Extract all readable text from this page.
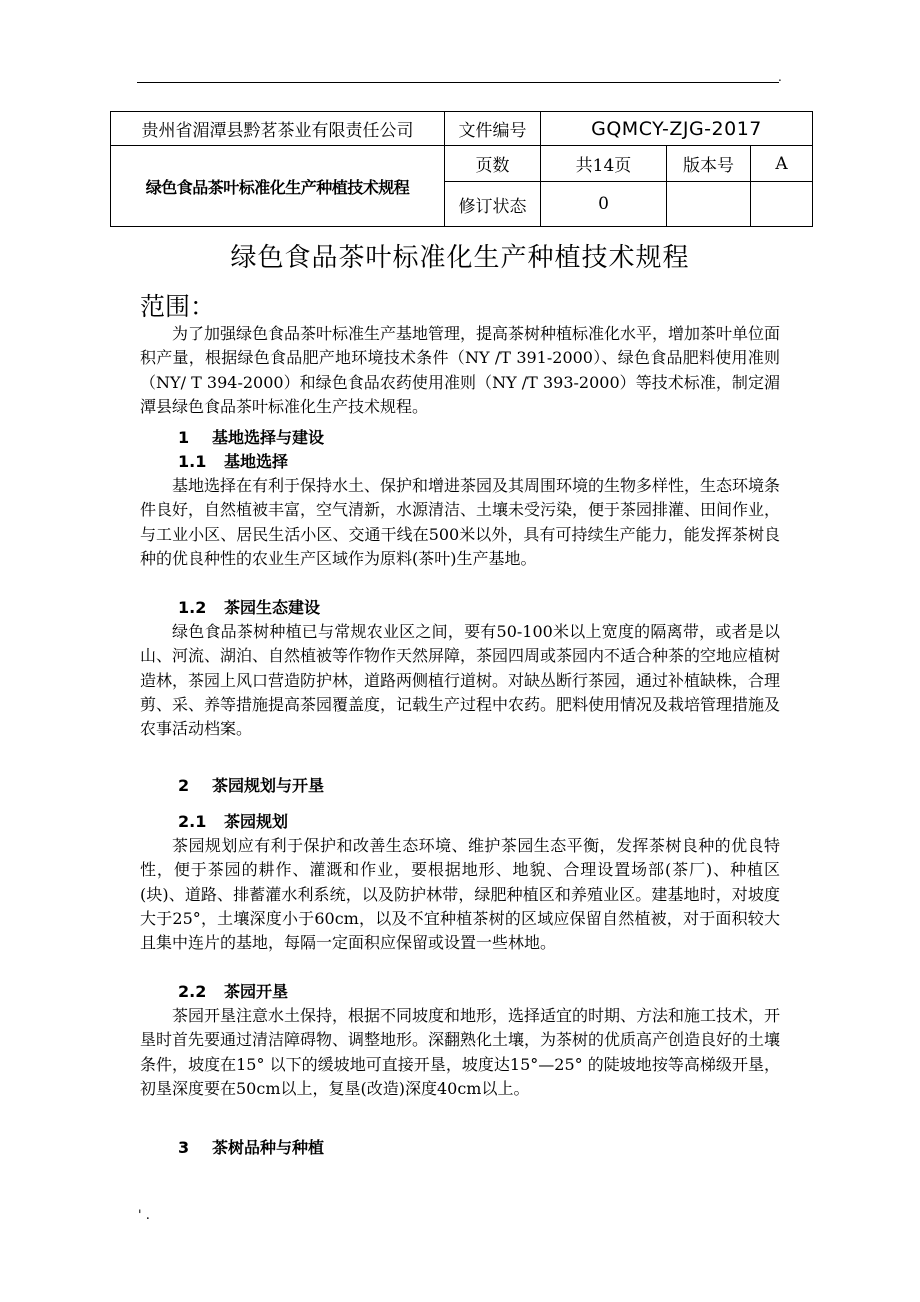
.
贵州省湄潭县黔茗茶业有限责任公司	文件编号	GQMCY-ZJG-2017		
绿色食品茶叶标准化生产种植技术规程	页数	共14页	版本号	A
	修订状态	0		
绿色食品茶叶标准化生产种植技术规程
范围：

为了加强绿色食品茶叶标准生产基地管理，提高茶树种植标准化水平，增加茶叶单位面积产量，根据绿色食品肥产地环境技术条件（NY /T 391-2000）、绿色食品肥料使用准则（NY/ T 394-2000）和绿色食品农药使用准则（NY /T 393-2000）等技术标准，制定湄潭县绿色食品茶叶标准化生产技术规程。

1 基地选择与建设
1.1 基地选择

基地选择在有利于保持水土、保护和增进茶园及其周围环境的生物多样性，生态环境条件良好，自然植被丰富，空气清新，水源清洁、土壤未受污染，便于茶园排灌、田间作业，与工业小区、居民生活小区、交通干线在500米以外，具有可持续生产能力，能发挥茶树良种的优良种性的农业生产区域作为原料(茶叶)生产基地。

1.2 茶园生态建设

绿色食品茶树种植已与常规农业区之间，要有50-100米以上宽度的隔离带，或者是以山、河流、湖泊、自然植被等作物作天然屏障，茶园四周或茶园内不适合种茶的空地应植树造林，茶园上风口营造防护林，道路两侧植行道树。对缺丛断行茶园，通过补植缺株，合理剪、采、养等措施提高茶园覆盖度，记载生产过程中农药。肥料使用情况及栽培管理措施及农事活动档案。

2 茶园规划与开垦
2.1 茶园规划

茶园规划应有利于保护和改善生态环境、维护茶园生态平衡，发挥茶树良种的优良特性，便于茶园的耕作、灌溉和作业，要根据地形、地貌、合理设置场部(茶厂)、种植区(块)、道路、排蓄灌水利系统，以及防护林带，绿肥种植区和养殖业区。建基地时，对坡度大于25°，土壤深度小于60cm，以及不宜种植茶树的区域应保留自然植被，对于面积较大且集中连片的基地，每隔一定面积应保留或设置一些林地。

2.2 茶园开垦

茶园开垦注意水土保持，根据不同坡度和地形，选择适宜的时期、方法和施工技术，开垦时首先要通过清洁障碍物、调整地形。深翻熟化土壤，为茶树的优质高产创造良好的土壤条件，坡度在15° 以下的缓坡地可直接开垦，坡度达15°—25° 的陡坡地按等高梯级开垦，初垦深度要在50cm以上，复垦(改造)深度40cm以上。

3 茶树品种与种植
' .
